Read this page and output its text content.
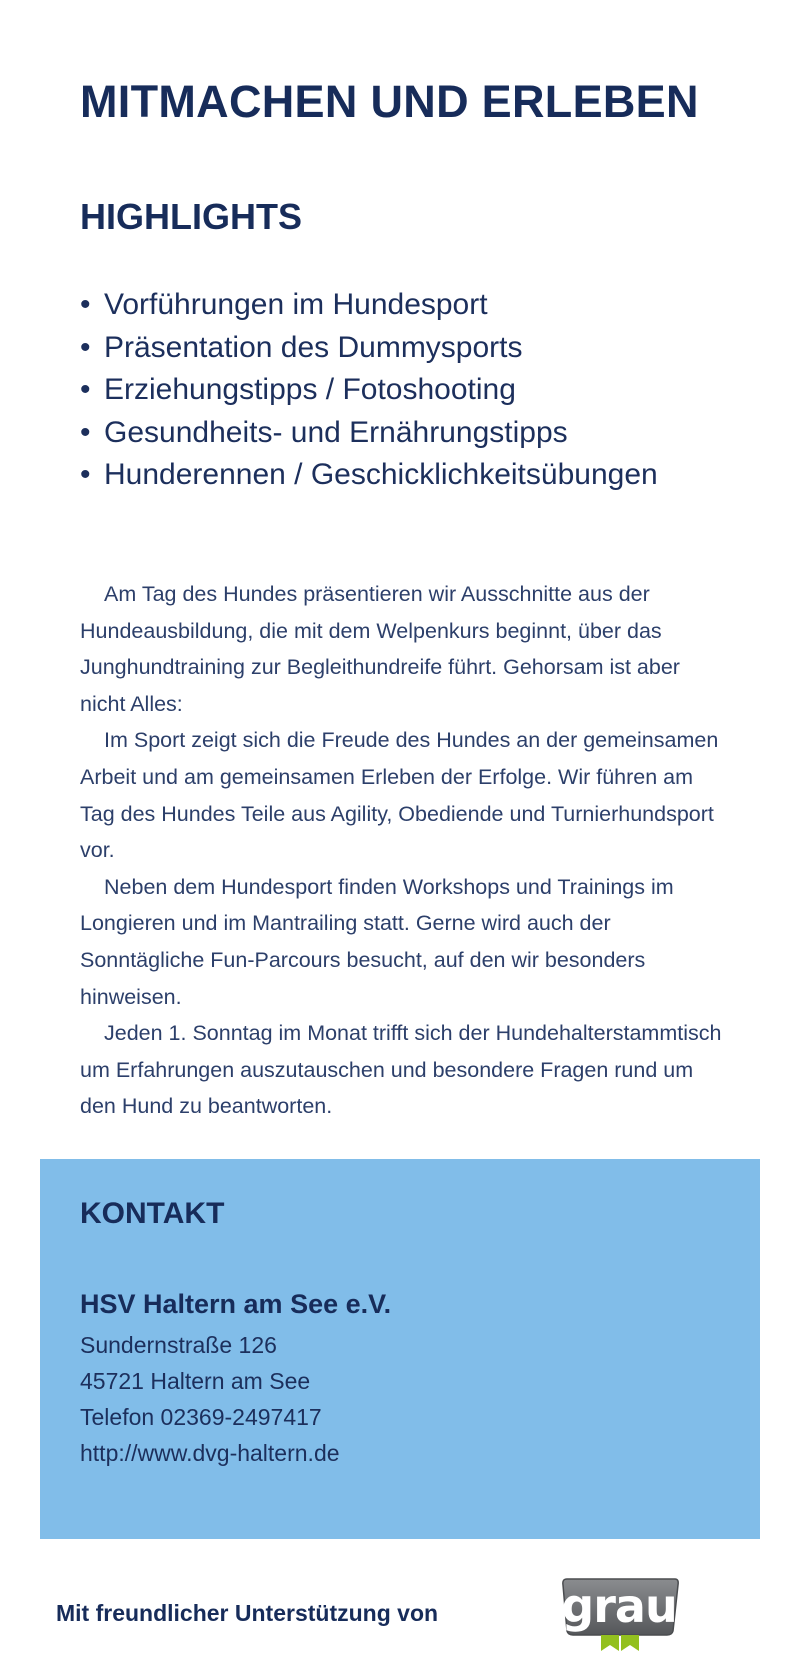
MITMACHEN UND ERLEBEN
HIGHLIGHTS
• Vorführungen im Hundesport
• Präsentation des Dummysports
• Erziehungstipps / Fotoshooting
• Gesundheits- und Ernährungstipps
• Hunderennen / Geschicklichkeitsübungen

Am Tag des Hundes präsentieren wir Ausschnitte aus der Hundeausbildung, die mit dem Welpenkurs beginnt, über das Junghundtraining zur Begleithundreife führt. Gehorsam ist aber nicht Alles:

Im Sport zeigt sich die Freude des Hundes an der gemeinsamen Arbeit und am gemeinsamen Erleben der Erfolge. Wir führen am Tag des Hundes Teile aus Agility, Obediende und Turnierhundsport vor.

Neben dem Hundesport finden Workshops und Trainings im Longieren und im Mantrailing statt. Gerne wird auch der Sonntägliche Fun-Parcours besucht, auf den wir besonders hinweisen.

Jeden 1. Sonntag im Monat trifft sich der Hundehalterstammtisch um Erfahrungen auszutauschen und besondere Fragen rund um den Hund zu beantworten.

KONTAKT
HSV Haltern am See e.V.
Sundernstraße 126
45721 Haltern am See
Telefon 02369-2497417
http://www.dvg-haltern.de
Mit freundlicher Unterstützung von	grau
